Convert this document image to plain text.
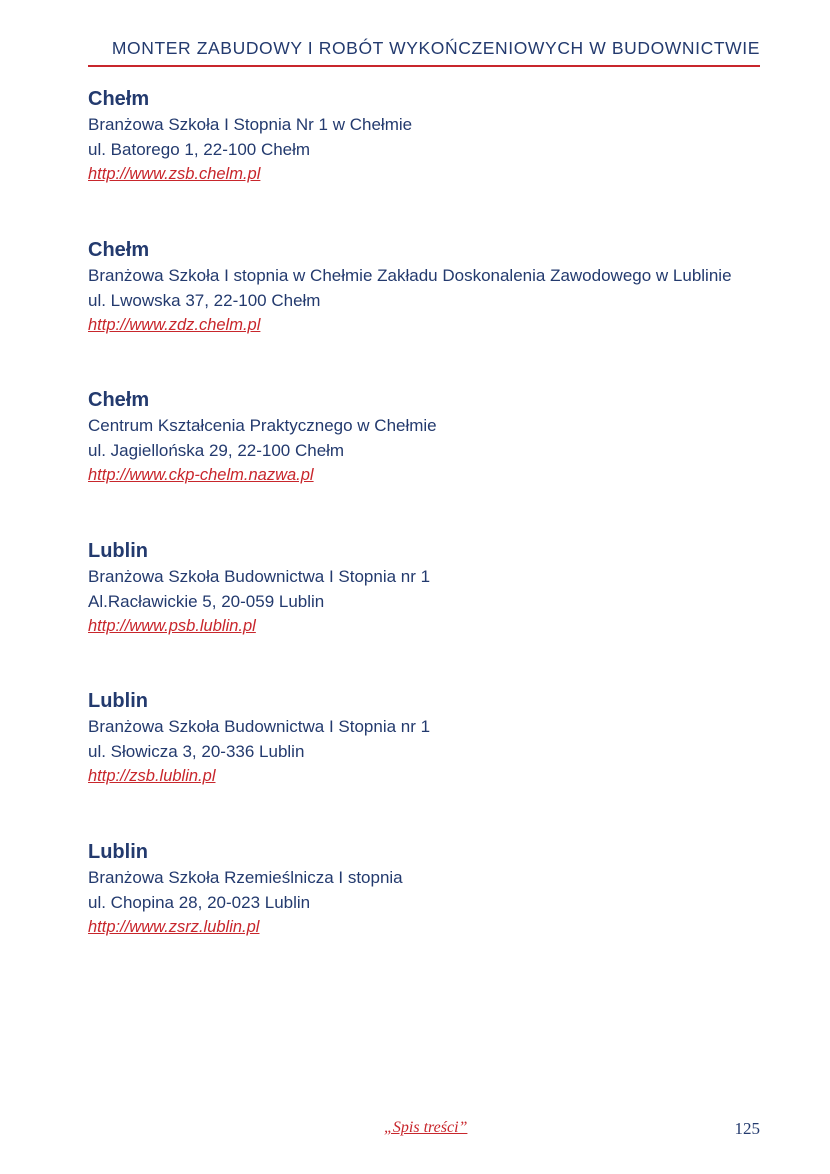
MONTER ZABUDOWY I ROBÓT WYKOŃCZENIOWYCH W BUDOWNICTWIE

Chełm

Branżowa Szkoła I Stopnia Nr 1 w Chełmie

ul. Batorego 1, 22-100 Chełm

http://www.zsb.chelm.pl

Chełm

Branżowa Szkoła I stopnia w Chełmie Zakładu Doskonalenia Zawodowego w Lublinie

ul. Lwowska 37, 22-100 Chełm

http://www.zdz.chelm.pl

Chełm

Centrum Kształcenia Praktycznego w Chełmie

ul. Jagiellońska 29, 22-100 Chełm

http://www.ckp-chelm.nazwa.pl

Lublin

Branżowa Szkoła Budownictwa I Stopnia nr 1

Al.Racławickie 5, 20-059 Lublin

http://www.psb.lublin.pl

Lublin

Branżowa Szkoła Budownictwa I Stopnia nr 1

ul. Słowicza 3, 20-336 Lublin

http://zsb.lublin.pl

Lublin

Branżowa Szkoła Rzemieślnicza I stopnia

ul. Chopina 28, 20-023 Lublin

http://www.zsrz.lublin.pl
„Spis treści”	125
